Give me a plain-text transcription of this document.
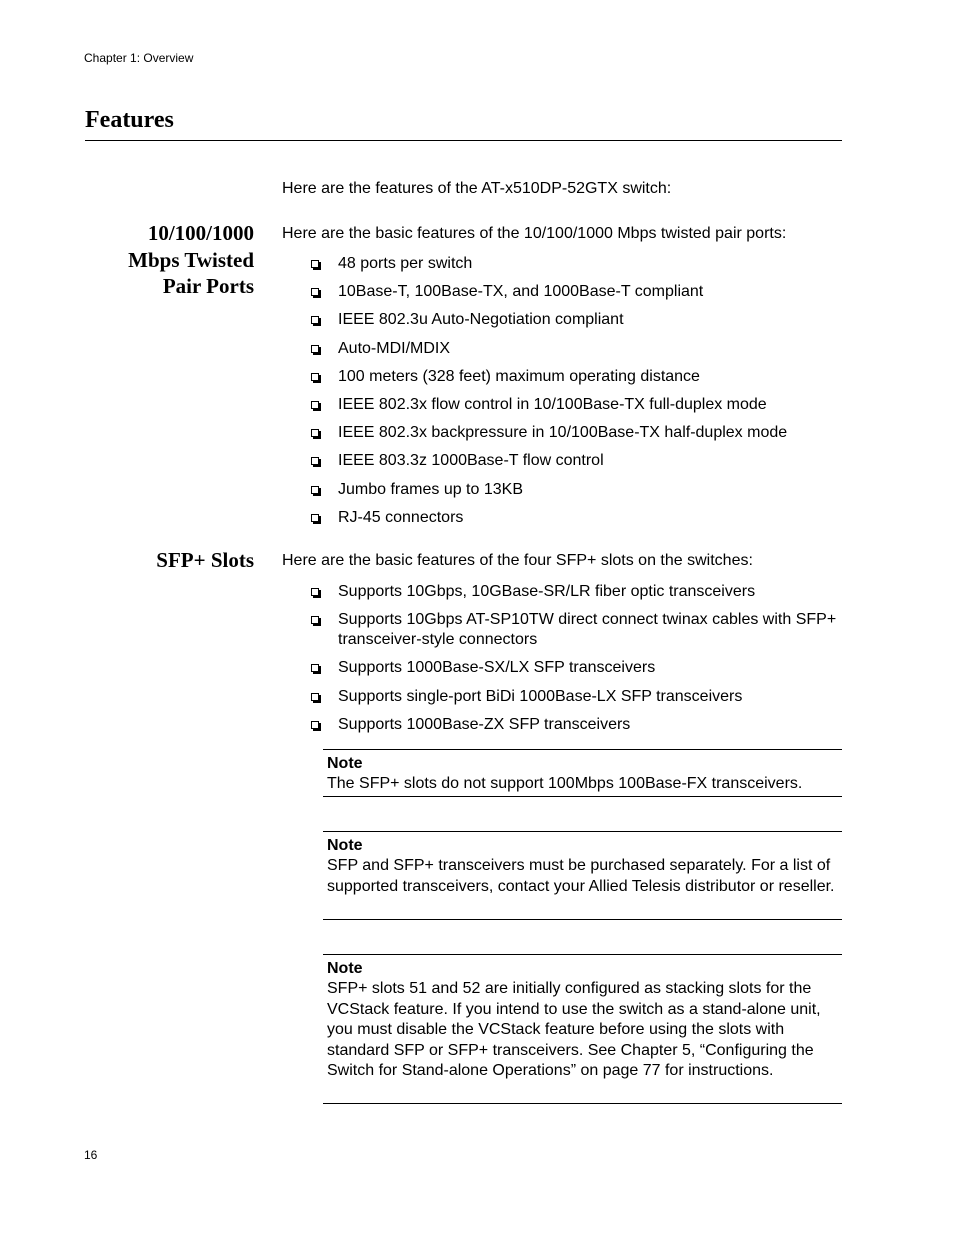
Chapter 1: Overview
Features
Here are the features of the AT-x510DP-52GTX switch:
10/100/1000
Mbps Twisted
Pair Ports
Here are the basic features of the 10/100/1000 Mbps twisted pair ports:
48 ports per switch
10Base-T, 100Base-TX, and 1000Base-T compliant
IEEE 802.3u Auto-Negotiation compliant
Auto-MDI/MDIX
100 meters (328 feet) maximum operating distance
IEEE 802.3x flow control in 10/100Base-TX full-duplex mode
IEEE 802.3x backpressure in 10/100Base-TX half-duplex mode
IEEE 803.3z 1000Base-T flow control
Jumbo frames up to 13KB
RJ-45 connectors
SFP+ Slots Here are the basic features of the four SFP+ slots on the switches:
Supports 10Gbps, 10GBase-SR/LR fiber optic transceivers
Supports 10Gbps AT-SP10TW direct connect twinax cables with SFP+ transceiver-style connectors
Supports 1000Base-SX/LX SFP transceivers
Supports single-port BiDi 1000Base-LX SFP transceivers
Supports 1000Base-ZX SFP transceivers
Note
The SFP+ slots do not support 100Mbps 100Base-FX transceivers.
Note
SFP and SFP+ transceivers must be purchased separately. For a list of supported transceivers, contact your Allied Telesis distributor or reseller.
Note
SFP+ slots 51 and 52 are initially configured as stacking slots for the VCStack feature. If you intend to use the switch as a stand-alone unit, you must disable the VCStack feature before using the slots with standard SFP or SFP+ transceivers. See Chapter 5, “Configuring the Switch for Stand-alone Operations” on page 77 for instructions.
16
